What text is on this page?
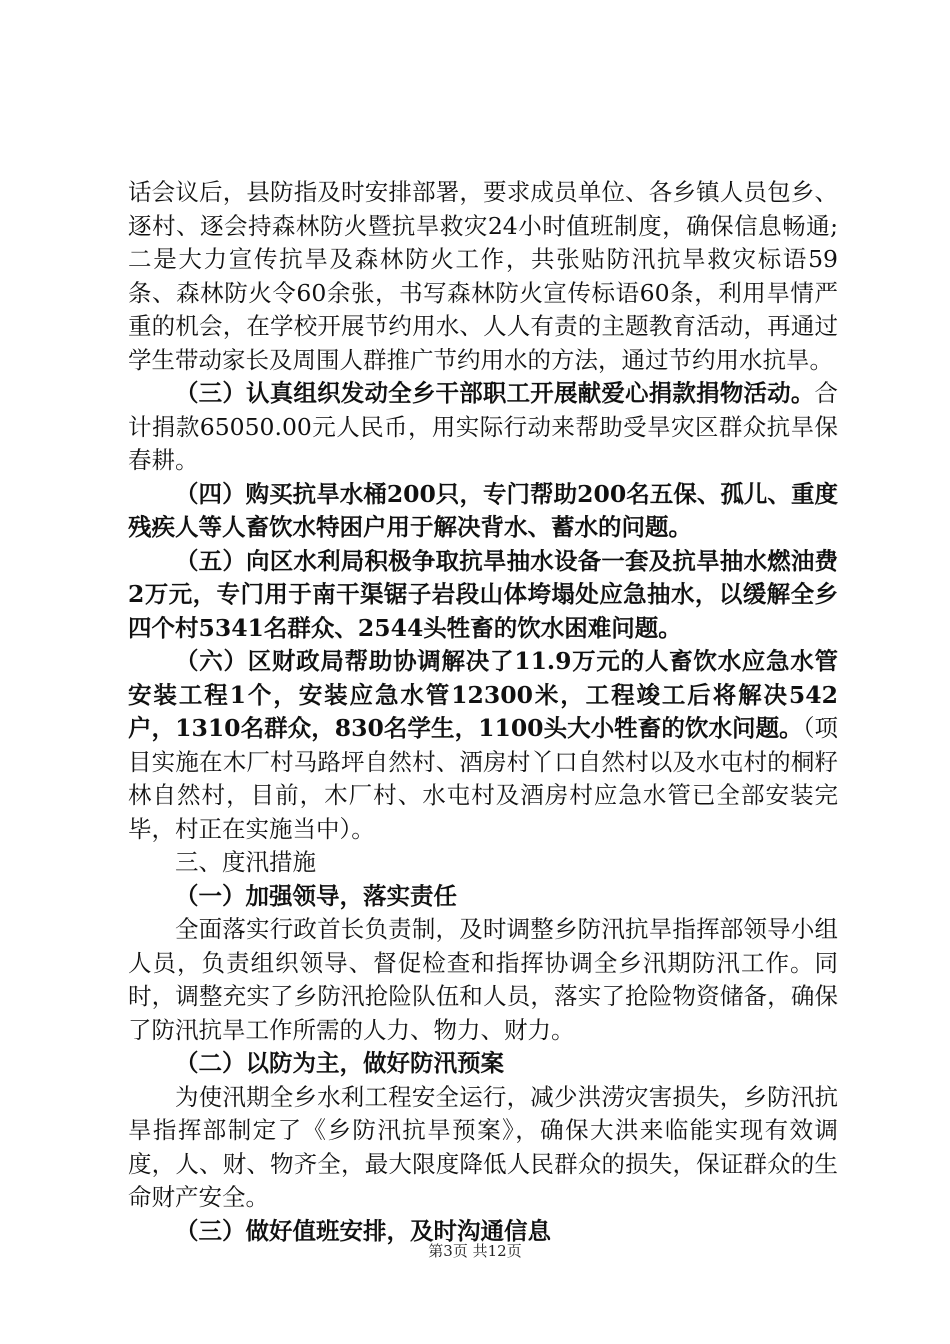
话会议后，县防指及时安排部署，要求成员单位、各乡镇人员包乡、逐村、逐会持森林防火暨抗旱救灾24小时值班制度，确保信息畅通;二是大力宣传抗旱及森林防火工作，共张贴防汛抗旱救灾标语59条、森林防火令60余张，书写森林防火宣传标语60条，利用旱情严重的机会，在学校开展节约用水、人人有责的主题教育活动，再通过学生带动家长及周围人群推广节约用水的方法，通过节约用水抗旱。

（三）认真组织发动全乡干部职工开展献爱心捐款捐物活动。合计捐款65050.00元人民币，用实际行动来帮助受旱灾区群众抗旱保春耕。

（四）购买抗旱水桶200只，专门帮助200名五保、孤儿、重度残疾人等人畜饮水特困户用于解决背水、蓄水的问题。

（五）向区水利局积极争取抗旱抽水设备一套及抗旱抽水燃油费2万元，专门用于南干渠锯子岩段山体垮塌处应急抽水，以缓解全乡四个村5341名群众、2544头牲畜的饮水困难问题。

（六）区财政局帮助协调解决了11.9万元的人畜饮水应急水管安装工程1个，安装应急水管12300米，工程竣工后将解决542户，1310名群众，830名学生，1100头大小牲畜的饮水问题。（项目实施在木厂村马路坪自然村、酒房村丫口自然村以及水屯村的桐籽林自然村，目前，木厂村、水屯村及酒房村应急水管已全部安装完毕，村正在实施当中）。

三、度汛措施

（一）加强领导，落实责任

全面落实行政首长负责制，及时调整乡防汛抗旱指挥部领导小组人员，负责组织领导、督促检查和指挥协调全乡汛期防汛工作。同时，调整充实了乡防汛抢险队伍和人员，落实了抢险物资储备，确保了防汛抗旱工作所需的人力、物力、财力。

（二）以防为主，做好防汛预案

为使汛期全乡水利工程安全运行，减少洪涝灾害损失，乡防汛抗旱指挥部制定了《乡防汛抗旱预案》，确保大洪来临能实现有效调度，人、财、物齐全，最大限度降低人民群众的损失，保证群众的生命财产安全。

（三）做好值班安排，及时沟通信息

第3页 共12页
